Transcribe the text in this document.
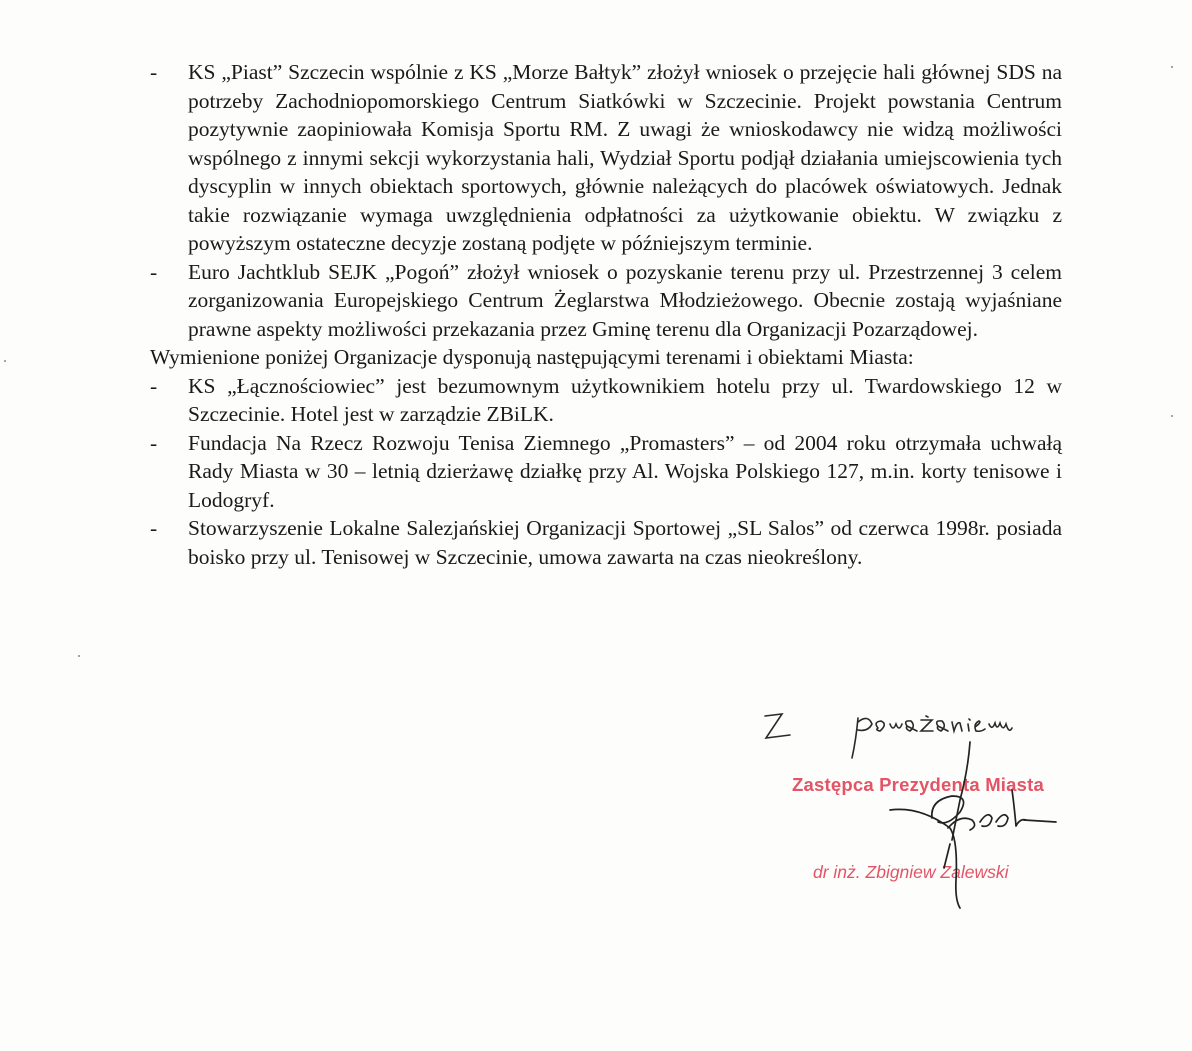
- KS „Piast” Szczecin wspólnie z KS „Morze Bałtyk” złożył wniosek o przejęcie hali głównej SDS na potrzeby Zachodniopomorskiego Centrum Siatkówki w Szczecinie. Projekt powstania Centrum pozytywnie zaopiniowała Komisja Sportu RM. Z uwagi że wnioskodawcy nie widzą możliwości wspólnego z innymi sekcji wykorzystania hali, Wydział Sportu podjął działania umiejscowienia tych dyscyplin w innych obiektach sportowych, głównie należących do placówek oświatowych. Jednak takie rozwiązanie wymaga uwzględnienia odpłatności za użytkowanie obiektu. W związku z powyższym ostateczne decyzje zostaną podjęte w późniejszym terminie.
- Euro Jachtklub SEJK „Pogoń” złożył wniosek o pozyskanie terenu przy ul. Przestrzennej 3 celem zorganizowania Europejskiego Centrum Żeglarstwa Młodzieżowego. Obecnie zostają wyjaśniane prawne aspekty możliwości przekazania przez Gminę terenu dla Organizacji Pozarządowej.
Wymienione poniżej Organizacje dysponują następującymi terenami i obiektami Miasta:
- KS „Łącznościowiec” jest bezumownym użytkownikiem hotelu przy ul. Twardowskiego 12 w Szczecinie. Hotel jest w zarządzie ZBiLK.
- Fundacja Na Rzecz Rozwoju Tenisa Ziemnego „Promasters” – od 2004 roku otrzymała uchwałą Rady Miasta w 30 – letnią dzierżawę działkę przy Al. Wojska Polskiego 127, m.in. korty tenisowe i Lodogryf.
- Stowarzyszenie Lokalne Salezjańskiej Organizacji Sportowej „SL Salos” od czerwca 1998r. posiada boisko przy ul. Tenisowej w Szczecinie, umowa zawarta na czas nieokreślony.
Zastępca Prezydenta Miasta
dr inż. Zbigniew Zalewski
